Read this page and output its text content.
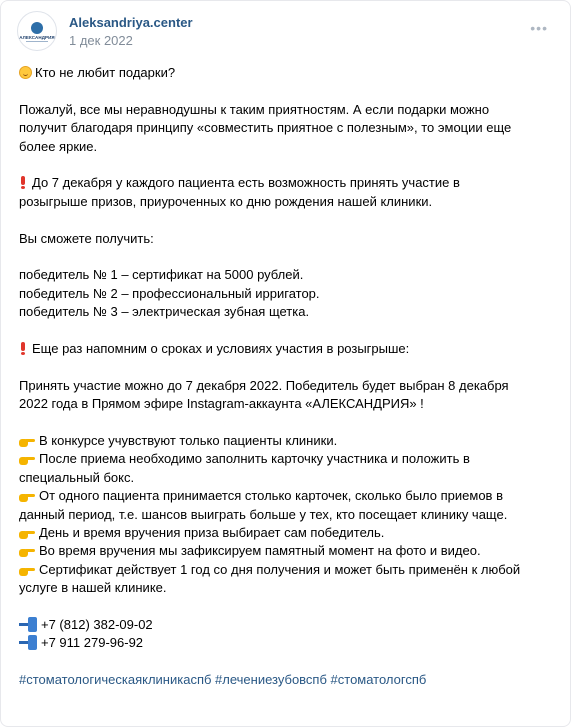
АЛЕКСАНДРИЯ
Aleksandriya.center
1 дек 2022
•••

Кто не любит подарки?

Пожалуй, все мы неравнодушны к таким приятностям. А если подарки можно
получит благодаря принципу «совместить приятное с полезным», то эмоции еще
более яркие.

До 7 декабря у каждого пациента есть возможность принять участие в
розыгрыше призов, приуроченных ко дню рождения нашей клиники.

Вы сможете получить:

победитель № 1 – сертификат на 5000 рублей.
победитель № 2 – профессиональный ирригатор.
победитель № 3 – электрическая зубная щетка.

Еще раз напомним о сроках и условиях участия в розыгрыше:

Принять участие можно до 7 декабря 2022. Победитель будет выбран 8 декабря
2022 года в Прямом эфире Instagram-аккаунта «АЛЕКСАНДРИЯ» !

В конкурсе учувствуют только пациенты клиники.
После приема необходимо заполнить карточку участника и положить в
специальный бокс.
От одного пациента принимается столько карточек, сколько было приемов в
данный период, т.е. шансов выиграть больше у тех, кто посещает клинику чаще.
День и время вручения приза выбирает сам победитель.
Во время вручения мы зафиксируем памятный момент на фото и видео.
Сертификат действует 1 год со дня получения и может быть применён к любой
услуге в нашей клинике.

+7 (812) 382-09-02
+7 911 279-96-92

#стоматологическаяклиникаспб #лечениезубовспб #стоматологспб
